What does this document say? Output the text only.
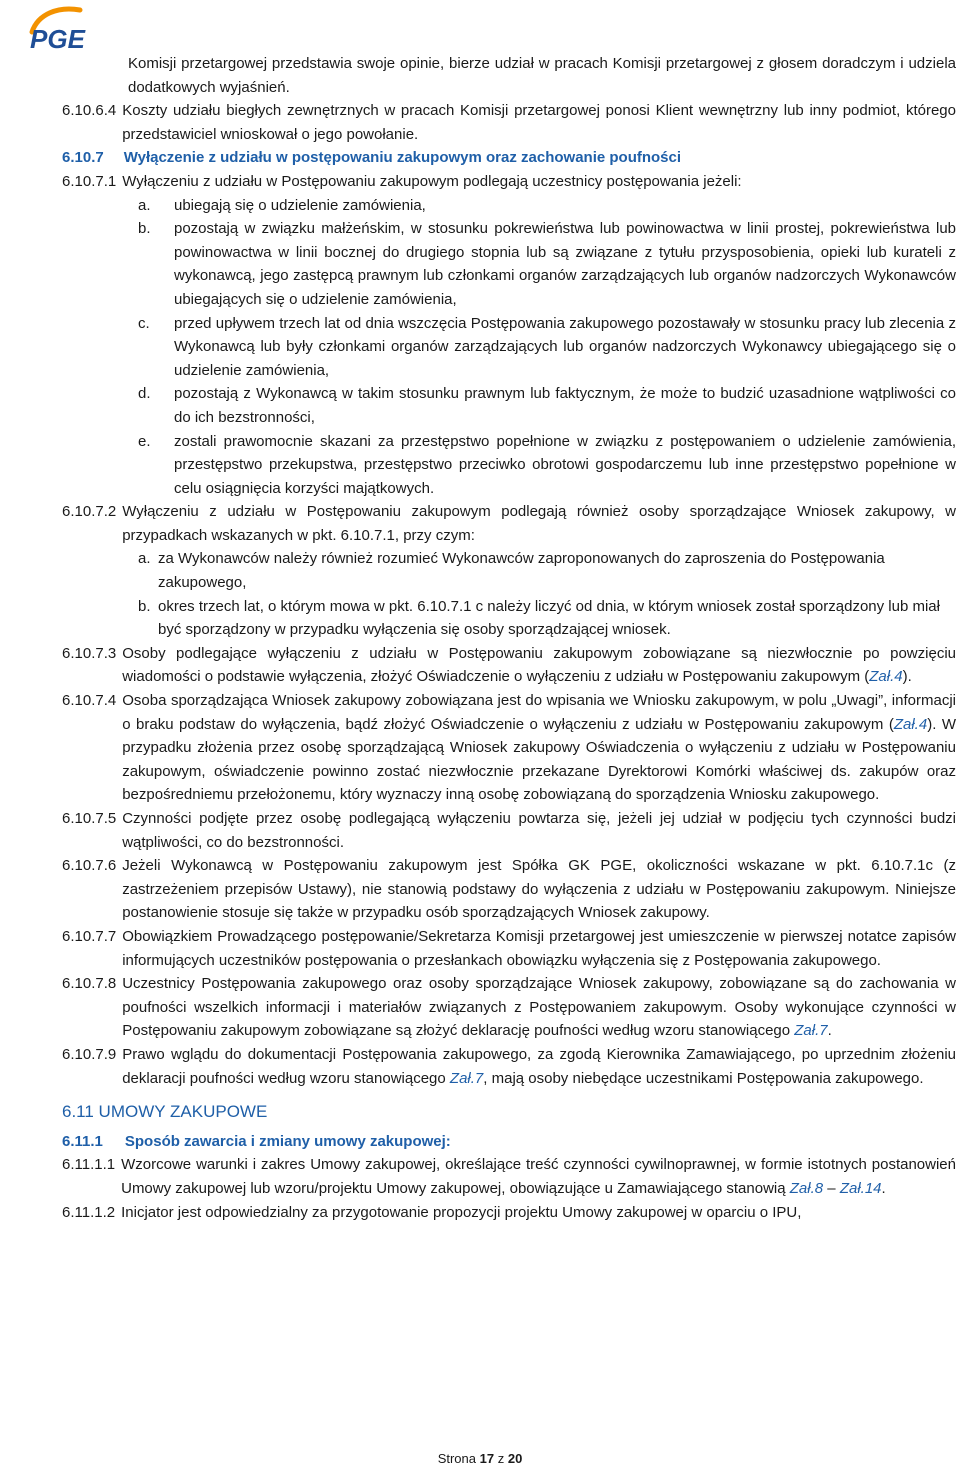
PGE
Komisji przetargowej przedstawia swoje opinie, bierze udział w pracach Komisji przetargowej z głosem doradczym i udziela dodatkowych wyjaśnień.
6.10.6.4 Koszty udziału biegłych zewnętrznych w pracach Komisji przetargowej ponosi Klient wewnętrzny lub inny podmiot, którego przedstawiciel wnioskował o jego powołanie.
6.10.7	Wyłączenie z udziału w postępowaniu zakupowym oraz zachowanie poufności
6.10.7.1 Wyłączeniu z udziału w Postępowaniu zakupowym podlegają uczestnicy postępowania jeżeli:
a.	ubiegają się o udzielenie zamówienia,
b.	pozostają w związku małżeńskim, w stosunku pokrewieństwa lub powinowactwa w linii prostej, pokrewieństwa lub powinowactwa w linii bocznej do drugiego stopnia lub są związane z tytułu przysposobienia, opieki lub kurateli z wykonawcą, jego zastępcą prawnym lub członkami organów zarządzających lub organów nadzorczych Wykonawców ubiegających się o udzielenie zamówienia,
c.	przed upływem trzech lat od dnia wszczęcia Postępowania zakupowego pozostawały w stosunku pracy lub zlecenia z Wykonawcą lub były członkami organów zarządzających lub organów nadzorczych Wykonawcy ubiegającego się o udzielenie zamówienia,
d.	pozostają z Wykonawcą w takim stosunku prawnym lub faktycznym, że może to budzić uzasadnione wątpliwości co do ich bezstronności,
e.	zostali prawomocnie skazani za przestępstwo popełnione w związku z postępowaniem o udzielenie zamówienia, przestępstwo przekupstwa, przestępstwo przeciwko obrotowi gospodarczemu lub inne przestępstwo popełnione w celu osiągnięcia korzyści majątkowych.
6.10.7.2 Wyłączeniu z udziału w Postępowaniu zakupowym podlegają również osoby sporządzające Wniosek zakupowy, w przypadkach wskazanych w pkt. 6.10.7.1, przy czym:
a. za Wykonawców należy również rozumieć Wykonawców zaproponowanych do zaproszenia do Postępowania zakupowego,
b. okres trzech lat, o którym mowa w pkt. 6.10.7.1 c należy liczyć od dnia, w którym wniosek został sporządzony lub miał być sporządzony w przypadku wyłączenia się osoby sporządzającej wniosek.
6.10.7.3 Osoby podlegające wyłączeniu z udziału w Postępowaniu zakupowym zobowiązane są niezwłocznie po powzięciu wiadomości o podstawie wyłączenia, złożyć Oświadczenie o wyłączeniu z udziału w Postępowaniu zakupowym (Zał.4).
6.10.7.4 Osoba sporządzająca Wniosek zakupowy zobowiązana jest do wpisania we Wniosku zakupowym, w polu „Uwagi”, informacji o braku podstaw do wyłączenia, bądź złożyć Oświadczenie o wyłączeniu z udziału w Postępowaniu zakupowym (Zał.4). W przypadku złożenia przez osobę sporządzającą Wniosek zakupowy Oświadczenia o wyłączeniu z udziału w Postępowaniu zakupowym, oświadczenie powinno zostać niezwłocznie przekazane Dyrektorowi Komórki właściwej ds. zakupów oraz bezpośredniemu przełożonemu, który wyznaczy inną osobę zobowiązaną do sporządzenia Wniosku zakupowego.
6.10.7.5 Czynności podjęte przez osobę podlegającą wyłączeniu powtarza się, jeżeli jej udział w podjęciu tych czynności budzi wątpliwości, co do bezstronności.
6.10.7.6 Jeżeli Wykonawcą w Postępowaniu zakupowym jest Spółka GK PGE, okoliczności wskazane w pkt. 6.10.7.1c (z zastrzeżeniem przepisów Ustawy), nie stanowią podstawy do wyłączenia z udziału w Postępowaniu zakupowym. Niniejsze postanowienie stosuje się także w przypadku osób sporządzających Wniosek zakupowy.
6.10.7.7 Obowiązkiem Prowadzącego postępowanie/Sekretarza Komisji przetargowej jest umieszczenie w pierwszej notatce zapisów informujących uczestników postępowania o przesłankach obowiązku wyłączenia się z Postępowania zakupowego.
6.10.7.8 Uczestnicy Postępowania zakupowego oraz osoby sporządzające Wniosek zakupowy, zobowiązane są do zachowania w poufności wszelkich informacji i materiałów związanych z Postępowaniem zakupowym. Osoby wykonujące czynności w Postępowaniu zakupowym zobowiązane są złożyć deklarację poufności według wzoru stanowiącego Zał.7.
6.10.7.9 Prawo wglądu do dokumentacji Postępowania zakupowego, za zgodą Kierownika Zamawiającego, po uprzednim złożeniu deklaracji poufności według wzoru stanowiącego Zał.7, mają osoby niebędące uczestnikami Postępowania zakupowego.
6.11 UMOWY ZAKUPOWE
6.11.1	Sposób zawarcia i zmiany umowy zakupowej:
6.11.1.1 Wzorcowe warunki i zakres Umowy zakupowej, określające treść czynności cywilnoprawnej, w formie istotnych postanowień Umowy zakupowej lub wzoru/projektu Umowy zakupowej, obowiązujące u Zamawiającego stanowią Zał.8 – Zał.14.
6.11.1.2 Inicjator jest odpowiedzialny za przygotowanie propozycji projektu Umowy zakupowej w oparciu o IPU,
Strona 17 z 20
